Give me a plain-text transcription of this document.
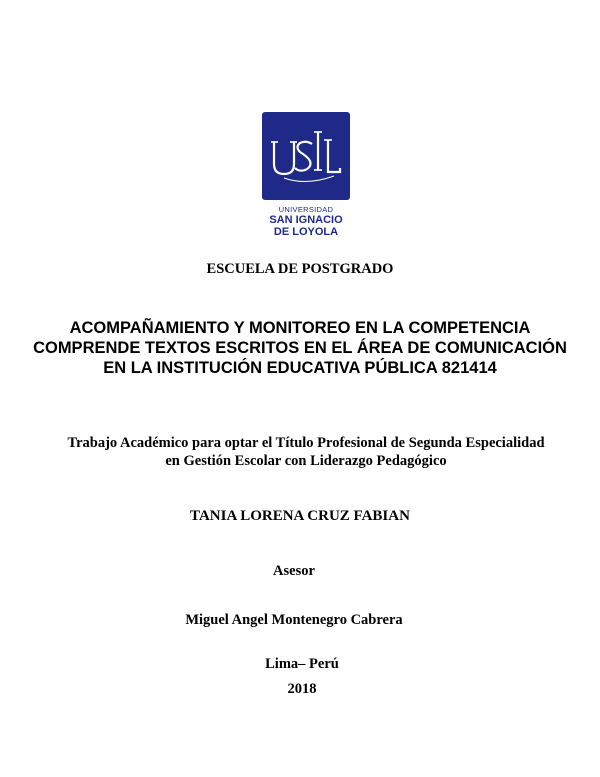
UNIVERSIDAD
SAN IGNACIO
DE LOYOLA
ESCUELA DE POSTGRADO
ACOMPAÑAMIENTO Y MONITOREO EN LA COMPETENCIA COMPRENDE TEXTOS ESCRITOS EN EL ÁREA DE COMUNICACIÓN EN LA INSTITUCIÓN EDUCATIVA PÚBLICA 821414
Trabajo Académico para optar el Título Profesional de Segunda Especialidad en Gestión Escolar con Liderazgo Pedagógico
TANIA LORENA CRUZ FABIAN
Asesor
Miguel Angel Montenegro Cabrera
Lima– Perú
2018
